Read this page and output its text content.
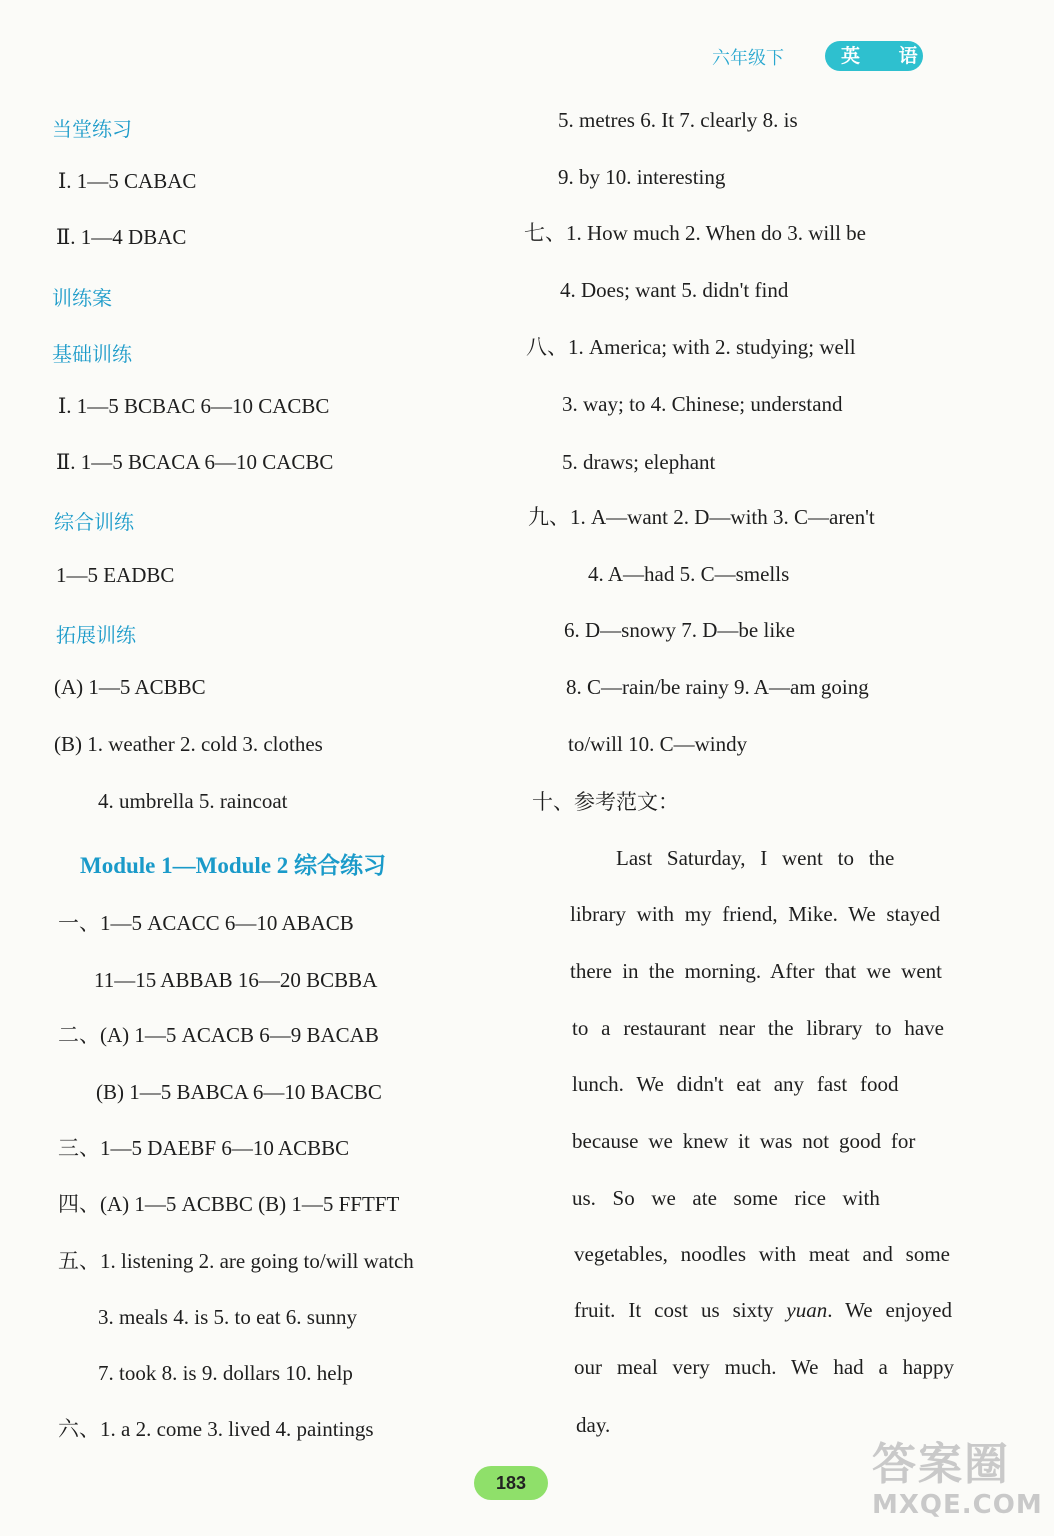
六年级下	英 语
当堂练习
Ⅰ. 1—5 CABAC
Ⅱ. 1—4 DBAC
训练案
基础训练
Ⅰ. 1—5 BCBAC 6—10 CACBC
Ⅱ. 1—5 BCACA 6—10 CACBC
综合训练
1—5 EADBC
拓展训练
(A) 1—5 ACBBC
(B) 1. weather 2. cold 3. clothes
4. umbrella 5. raincoat
Module 1—Module 2 综合练习
一、1—5 ACACC 6—10 ABACB
11—15 ABBAB 16—20 BCBBA
二、(A) 1—5 ACACB 6—9 BACAB
(B) 1—5 BABCA 6—10 BACBC
三、1—5 DAEBF 6—10 ACBBC
四、(A) 1—5 ACBBC (B) 1—5 FFTFT
五、1. listening 2. are going to/will watch
3. meals 4. is 5. to eat 6. sunny
7. took 8. is 9. dollars 10. help
六、1. a 2. come 3. lived 4. paintings
5. metres 6. It 7. clearly 8. is
9. by 10. interesting
七、1. How much 2. When do 3. will be
4. Does; want 5. didn't find
八、1. America; with 2. studying; well
3. way; to 4. Chinese; understand
5. draws; elephant
九、1. A—want 2. D—with 3. C—aren't
4. A—had 5. C—smells
6. D—snowy 7. D—be like
8. C—rain/be rainy 9. A—am going
to/will 10. C—windy
十、参考范文：
Last Saturday, I went to the
library with my friend, Mike. We stayed
there in the morning. After that we went
to a restaurant near the library to have
lunch. We didn't eat any fast food
because we knew it was not good for
us. So we ate some rice with
vegetables, noodles with meat and some
fruit. It cost us sixty yuan. We enjoyed
our meal very much. We had a happy
day.
183	答案圈
MXQE.COM
